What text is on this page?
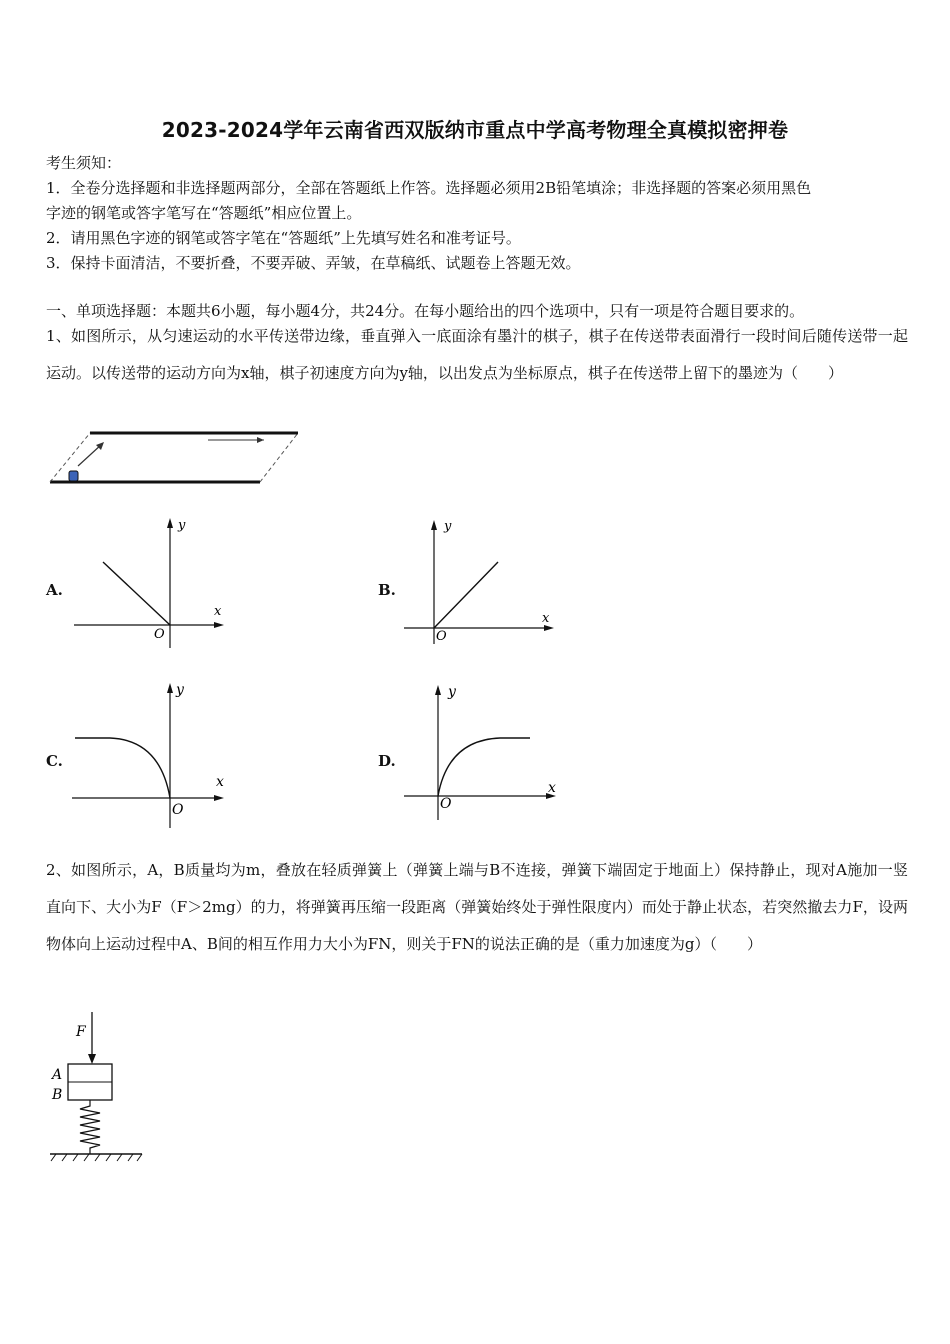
2023-2024学年云南省西双版纳市重点中学高考物理全真模拟密押卷
考生须知：
1．全卷分选择题和非选择题两部分，全部在答题纸上作答。选择题必须用2B铅笔填涂；非选择题的答案必须用黑色
字迹的钢笔或答字笔写在“答题纸”相应位置上。
2．请用黑色字迹的钢笔或答字笔在“答题纸”上先填写姓名和准考证号。
3．保持卡面清洁，不要折叠，不要弄破、弄皱，在草稿纸、试题卷上答题无效。
一、单项选择题：本题共6小题，每小题4分，共24分。在每小题给出的四个选项中，只有一项是符合题目要求的。
1、如图所示，从匀速运动的水平传送带边缘，垂直弹入一底面涂有墨汁的棋子，棋子在传送带表面滑行一段时间后随传送带一起运动。以传送带的运动方向为x轴，棋子初速度方向为y轴，以出发点为坐标原点，棋子在传送带上留下的墨迹为（　　）
A.
y
x
O
B.
y
x
O
C.
y
x
O
D.
y
x
O
2、如图所示，A，B质量均为m，叠放在轻质弹簧上（弹簧上端与B不连接，弹簧下端固定于地面上）保持静止，现对A施加一竖直向下、大小为F（F＞2mg）的力，将弹簧再压缩一段距离（弹簧始终处于弹性限度内）而处于静止状态，若突然撤去力F，设两物体向上运动过程中A、B间的相互作用力大小为FN，则关于FN的说法正确的是（重力加速度为g）（　　）
F
A
B
